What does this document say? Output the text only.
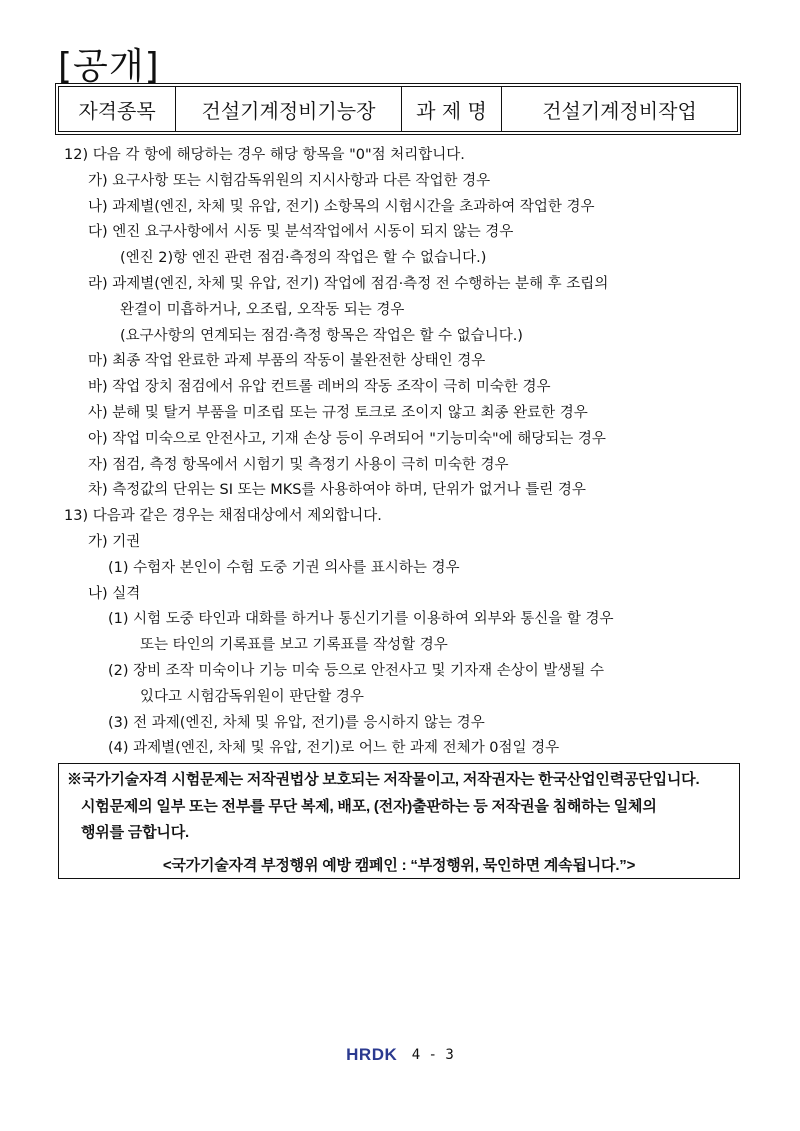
[공개]
자격종목	건설기계정비기능장	과 제 명	건설기계정비작업
12) 다음 각 항에 해당하는 경우 해당 항목을 "0"점 처리합니다.
가) 요구사항 또는 시험감독위원의 지시사항과 다른 작업한 경우
나) 과제별(엔진, 차체 및 유압, 전기) 소항목의 시험시간을 초과하여 작업한 경우
다) 엔진 요구사항에서 시동 및 분석작업에서 시동이 되지 않는 경우
(엔진 2)항 엔진 관련 점검·측정의 작업은 할 수 없습니다.)
라) 과제별(엔진, 차체 및 유압, 전기) 작업에 점검·측정 전 수행하는 분해 후 조립의
완결이 미흡하거나, 오조립, 오작동 되는 경우
(요구사항의 연계되는 점검·측정 항목은 작업은 할 수 없습니다.)
마) 최종 작업 완료한 과제 부품의 작동이 불완전한 상태인 경우
바) 작업 장치 점검에서 유압 컨트롤 레버의 작동 조작이 극히 미숙한 경우
사) 분해 및 탈거 부품을 미조립 또는 규정 토크로 조이지 않고 최종 완료한 경우
아) 작업 미숙으로 안전사고, 기재 손상 등이 우려되어 "기능미숙"에 해당되는 경우
자) 점검, 측정 항목에서 시험기 및 측정기 사용이 극히 미숙한 경우
차) 측정값의 단위는 SI 또는 MKS를 사용하여야 하며, 단위가 없거나 틀린 경우
13) 다음과 같은 경우는 채점대상에서 제외합니다.
가) 기권
(1) 수험자 본인이 수험 도중 기권 의사를 표시하는 경우
나) 실격
(1) 시험 도중 타인과 대화를 하거나 통신기기를 이용하여 외부와 통신을 할 경우
또는 타인의 기록표를 보고 기록표를 작성할 경우
(2) 장비 조작 미숙이나 기능 미숙 등으로 안전사고 및 기자재 손상이 발생될 수
있다고 시험감독위원이 판단할 경우
(3) 전 과제(엔진, 차체 및 유압, 전기)를 응시하지 않는 경우
(4) 과제별(엔진, 차체 및 유압, 전기)로 어느 한 과제 전체가 0점일 경우
※국가기술자격 시험문제는 저작권법상 보호되는 저작물이고, 저작권자는 한국산업인력공단입니다.
시험문제의 일부 또는 전부를 무단 복제, 배포, (전자)출판하는 등 저작권을 침해하는 일체의
행위를 금합니다.
<국가기술자격 부정행위 예방 캠페인 : “부정행위, 묵인하면 계속됩니다.”>
HRDK 4 - 3
